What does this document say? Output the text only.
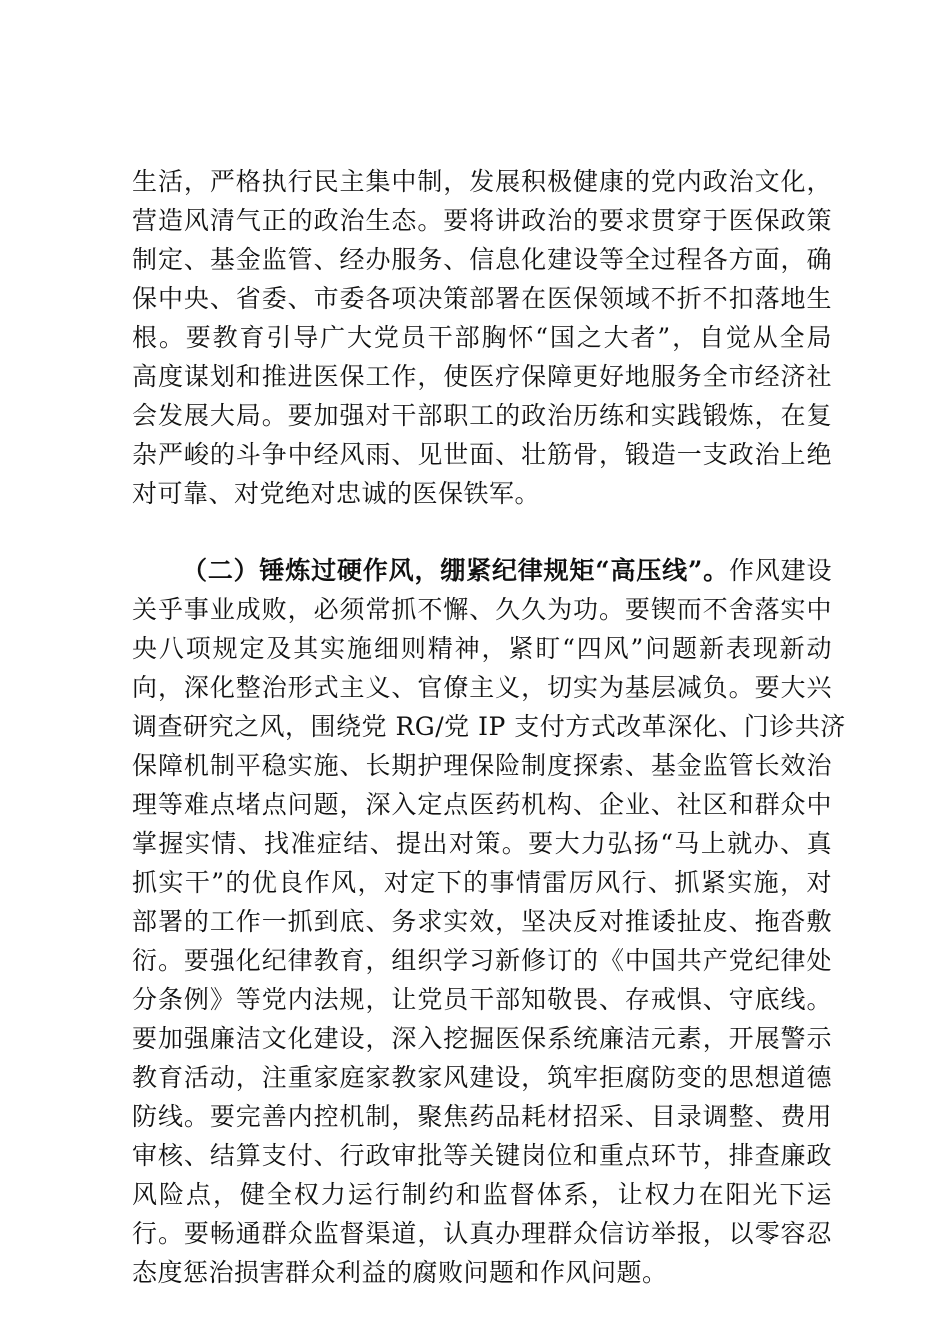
生活，严格执行民主集中制，发展积极健康的党内政治文化，

营造风清气正的政治生态。要将讲政治的要求贯穿于医保政策

制定、基金监管、经办服务、信息化建设等全过程各方面，确

保中央、省委、市委各项决策部署在医保领域不折不扣落地生

根。要教育引导广大党员干部胸怀“国之大者”，自觉从全局

高度谋划和推进医保工作，使医疗保障更好地服务全市经济社

会发展大局。要加强对干部职工的政治历练和实践锻炼，在复

杂严峻的斗争中经风雨、见世面、壮筋骨，锻造一支政治上绝

对可靠、对党绝对忠诚的医保铁军。

（二）锤炼过硬作风，绷紧纪律规矩“高压线”。作风建设

关乎事业成败，必须常抓不懈、久久为功。要锲而不舍落实中

央八项规定及其实施细则精神，紧盯“四风”问题新表现新动

向，深化整治形式主义、官僚主义，切实为基层减负。要大兴

调查研究之风，围绕党 RG/党 IP 支付方式改革深化、门诊共济

保障机制平稳实施、长期护理保险制度探索、基金监管长效治

理等难点堵点问题，深入定点医药机构、企业、社区和群众中

掌握实情、找准症结、提出对策。要大力弘扬“马上就办、真

抓实干”的优良作风，对定下的事情雷厉风行、抓紧实施，对

部署的工作一抓到底、务求实效，坚决反对推诿扯皮、拖沓敷

衍。要强化纪律教育，组织学习新修订的《中国共产党纪律处

分条例》等党内法规，让党员干部知敬畏、存戒惧、守底线。

要加强廉洁文化建设，深入挖掘医保系统廉洁元素，开展警示

教育活动，注重家庭家教家风建设，筑牢拒腐防变的思想道德

防线。要完善内控机制，聚焦药品耗材招采、目录调整、费用

审核、结算支付、行政审批等关键岗位和重点环节，排查廉政

风险点，健全权力运行制约和监督体系，让权力在阳光下运

行。要畅通群众监督渠道，认真办理群众信访举报，以零容忍

态度惩治损害群众利益的腐败问题和作风问题。
